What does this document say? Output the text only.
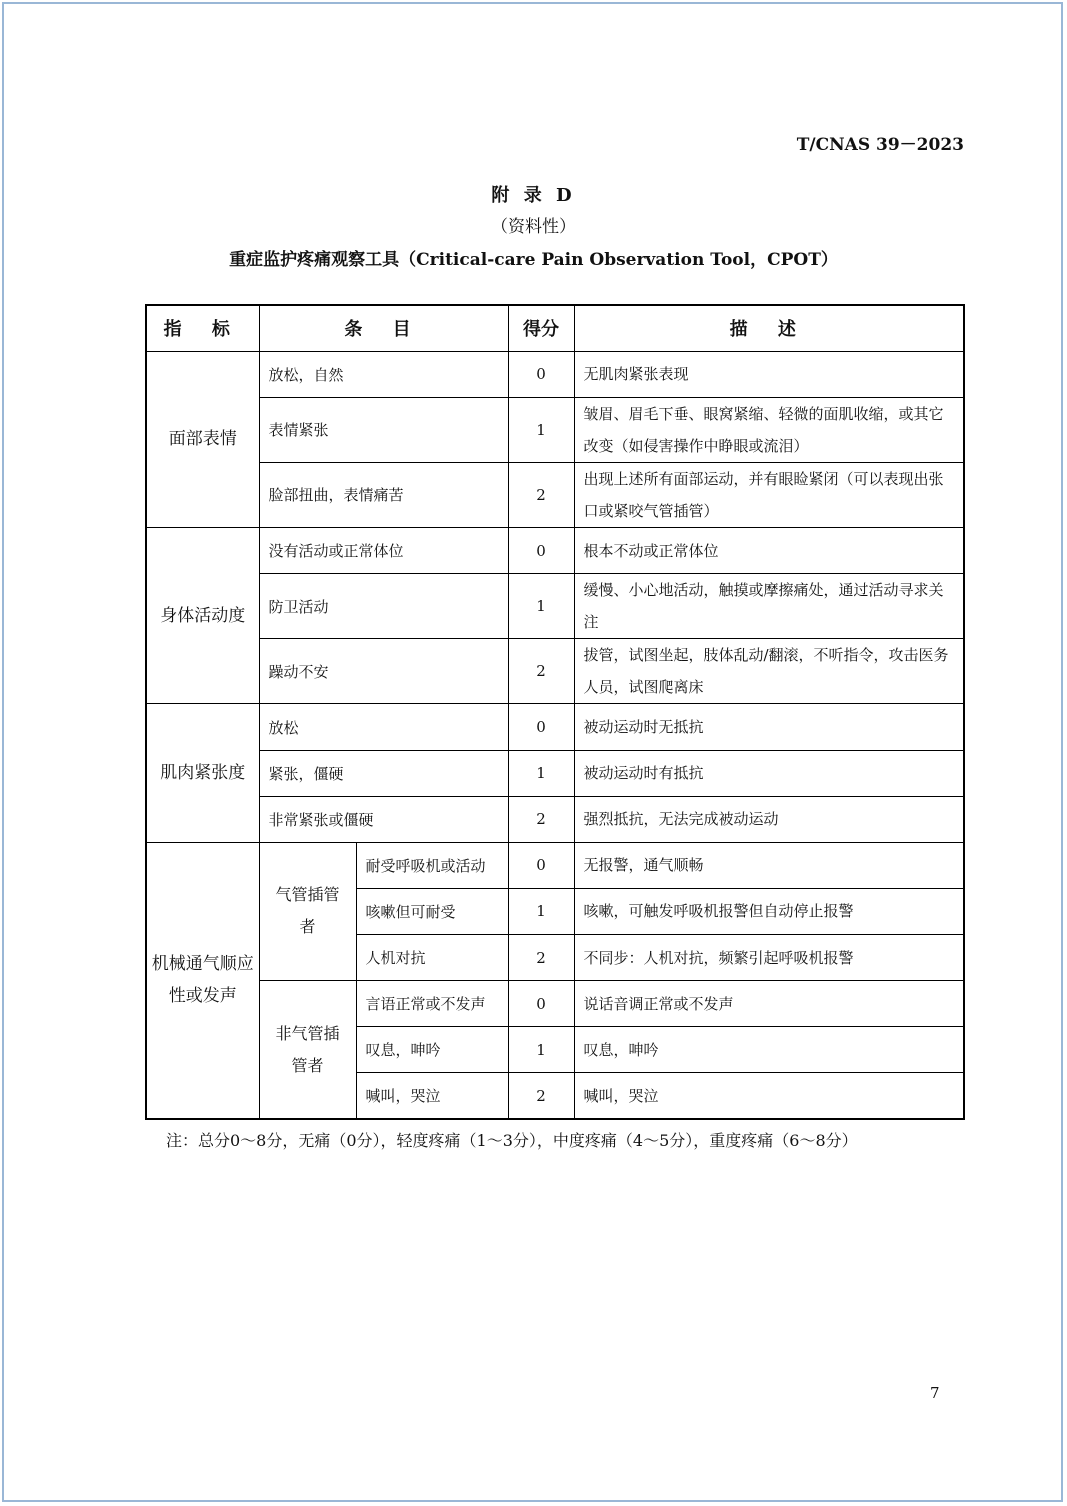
T/CNAS 39－2023
附 录 D
（资料性）
重症监护疼痛观察工具（Critical-care Pain Observation Tool，CPOT）
指 标	条 目		得分	描 述
面部表情	放松，自然		0	无肌肉紧张表现
	表情紧张		1	皱眉、眉毛下垂、眼窝紧缩、轻微的面肌收缩，或其它改变（如侵害操作中睁眼或流泪）
	脸部扭曲，表情痛苦		2	出现上述所有面部运动，并有眼睑紧闭（可以表现出张口或紧咬气管插管）
身体活动度	没有活动或正常体位		0	根本不动或正常体位
	防卫活动		1	缓慢、小心地活动，触摸或摩擦痛处，通过活动寻求关注
	躁动不安		2	拔管，试图坐起，肢体乱动/翻滚，不听指令，攻击医务人员，试图爬离床
肌肉紧张度	放松		0	被动运动时无抵抗
	紧张，僵硬		1	被动运动时有抵抗
	非常紧张或僵硬		2	强烈抵抗，无法完成被动运动
机械通气顺应性或发声	气管插管者	耐受呼吸机或活动	0	无报警，通气顺畅
		咳嗽但可耐受	1	咳嗽，可触发呼吸机报警但自动停止报警
		人机对抗	2	不同步：人机对抗，频繁引起呼吸机报警
	非气管插管者	言语正常或不发声	0	说话音调正常或不发声
		叹息，呻吟	1	叹息，呻吟
		喊叫，哭泣	2	喊叫，哭泣
注：总分0～8分，无痛（0分），轻度疼痛（1～3分），中度疼痛（4～5分），重度疼痛（6～8分）
7
